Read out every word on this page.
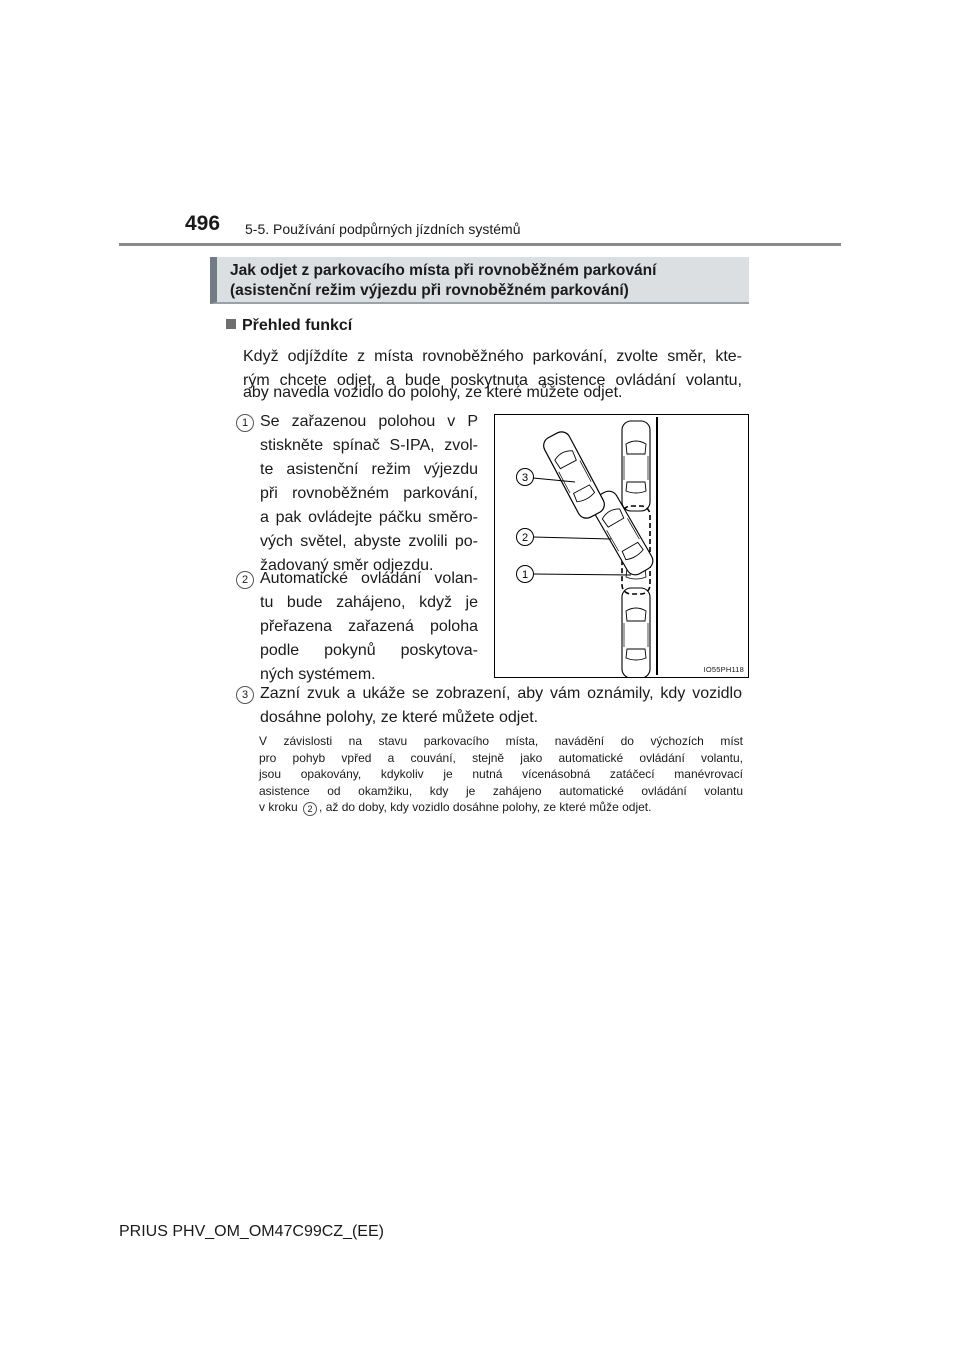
496 5-5. Používání podpůrných jízdních systémů
Jak odjet z parkovacího místa při rovnoběžném parkování
(asistenční režim výjezdu při rovnoběžném parkování)
Přehled funkcí
Když odjíždíte z místa rovnoběžného parkování, zvolte směr, kte-
rým chcete odjet, a bude poskytnuta asistence ovládání volantu,
aby navedla vozidlo do polohy, ze které můžete odjet.
1 Se zařazenou polohou v P
stiskněte spínač S-IPA, zvol-
te asistenční režim výjezdu
při rovnoběžném parkování,
a pak ovládejte páčku směro-
vých světel, abyste zvolili po-
žadovaný směr odjezdu.
2 Automatické ovládání volan-
tu bude zahájeno, když je
přeřazena zařazená poloha
podle pokynů poskytova-
ných systémem.
3 Zazní zvuk a ukáže se zobrazení, aby vám oznámily, kdy vozidlo
dosáhne polohy, ze které můžete odjet.
V závislosti na stavu parkovacího místa, navádění do výchozích míst
pro pohyb vpřed a couvání, stejně jako automatické ovládání volantu,
jsou opakovány, kdykoliv je nutná vícenásobná zatáčecí manévrovací
asistence od okamžiku, kdy je zahájeno automatické ovládání volantu
v kroku 2 , až do doby, kdy vozidlo dosáhne polohy, ze které může odjet.
3
2
1
IO55PH118
PRIUS PHV_OM_OM47C99CZ_(EE)
